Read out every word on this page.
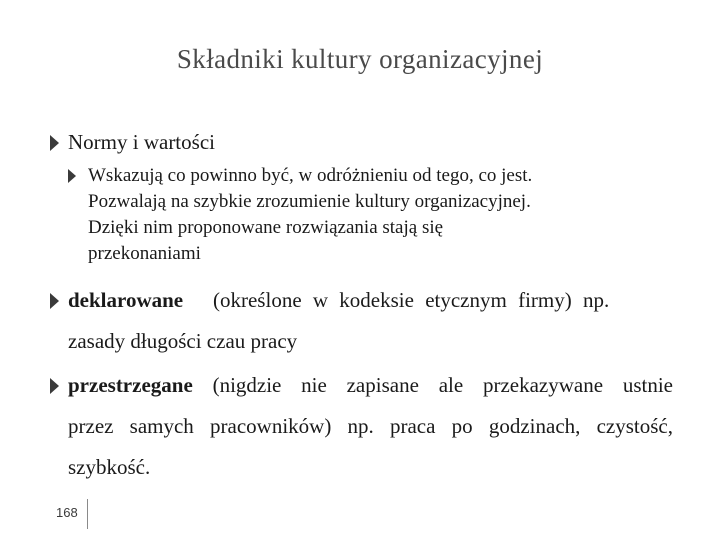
Składniki kultury organizacyjnej
Normy i wartości
Wskazują co powinno być, w odróżnieniu od tego, co jest.
Pozwalają na szybkie zrozumienie kultury organizacyjnej.
Dzięki nim proponowane rozwiązania stają się
przekonaniami
deklarowane (określone w kodeksie etycznym firmy) np.
zasady długości czau pracy
przestrzegane (nigdzie nie zapisane ale przekazywane ustnie
przez samych pracowników) np. praca po godzinach, czystość,
szybkość.
168
